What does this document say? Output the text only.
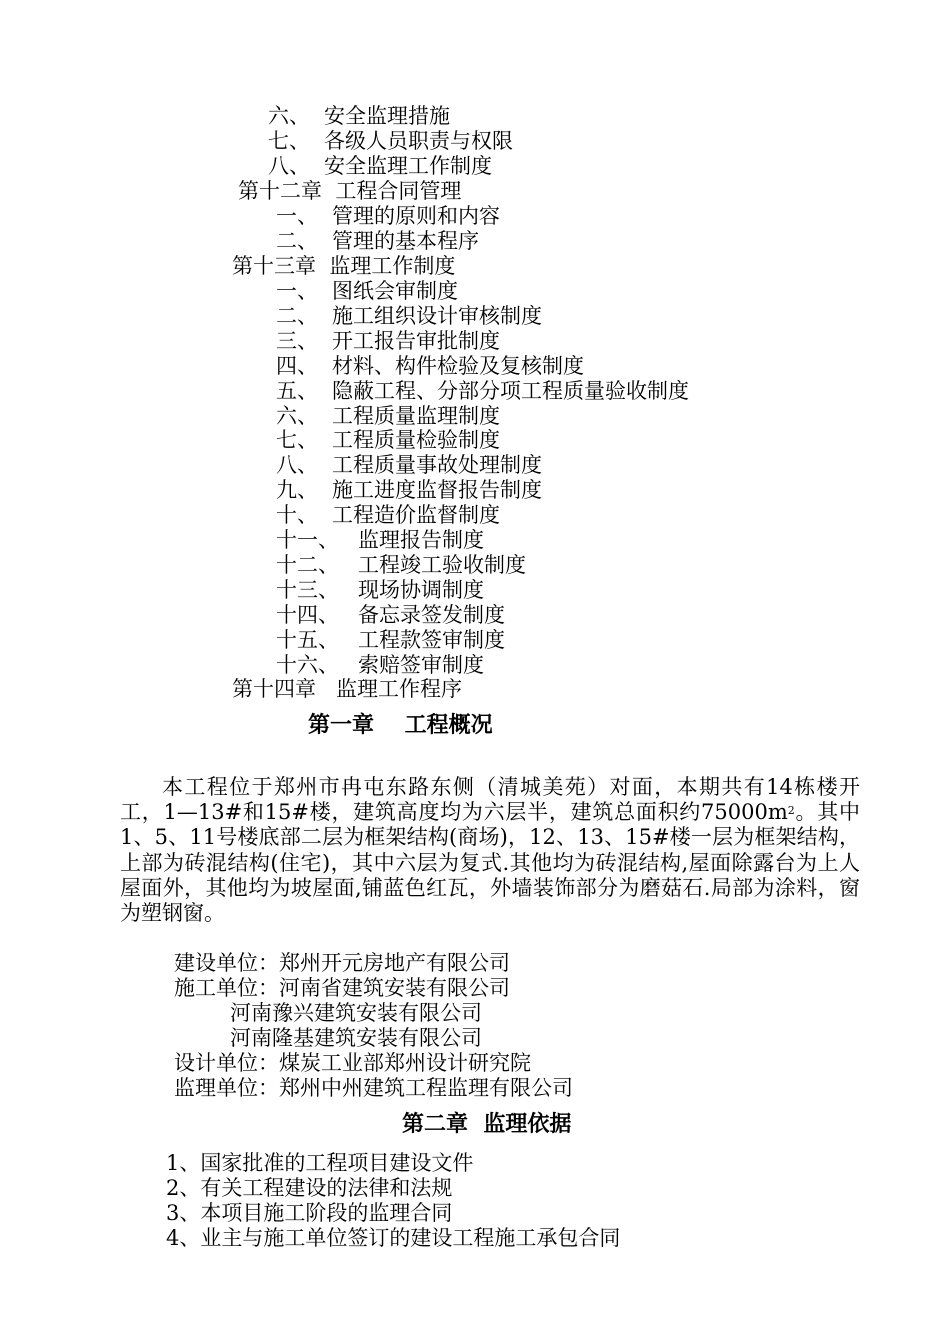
六、 安全监理措施
七、 各级人员职责与权限
八、 安全监理工作制度
第十二章  工程合同管理
一、 管理的原则和内容
二、 管理的基本程序
第十三章  监理工作制度
一、 图纸会审制度
二、 施工组织设计审核制度
三、 开工报告审批制度
四、 材料、构件检验及复核制度
五、 隐蔽工程、分部分项工程质量验收制度
六、 工程质量监理制度
七、 工程质量检验制度
八、 工程质量事故处理制度
九、 施工进度监督报告制度
十、 工程造价监督制度
十一、 监理报告制度
十二、 工程竣工验收制度
十三、 现场协调制度
十四、 备忘录签发制度
十五、 工程款签审制度
十六、 索赔签审制度
第十四章   监理工作程序
第一章    工程概况
本工程位于郑州市冉屯东路东侧（清城美苑）对面，本期共有14栋楼开工，1—13#和15#楼，建筑高度均为六层半，建筑总面积约$75000m^2$。其中1、5、11号楼底部二层为框架结构(商场)，12、13、15#楼一层为框架结构，上部为砖混结构(住宅)，其中六层为复式.其他均为砖混结构,屋面除露台为上人屋面外，其他均为坡屋面,铺蓝色红瓦，外墙装饰部分为磨菇石.局部为涂料，窗为塑钢窗。
建设单位：郑州开元房地产有限公司
施工单位：河南省建筑安装有限公司
河南豫兴建筑安装有限公司
河南隆基建筑安装有限公司
设计单位：煤炭工业部郑州设计研究院
监理单位：郑州中州建筑工程监理有限公司
第二章  监理依据
1、国家批准的工程项目建设文件
2、有关工程建设的法律和法规
3、本项目施工阶段的监理合同
4、业主与施工单位签订的建设工程施工承包合同
